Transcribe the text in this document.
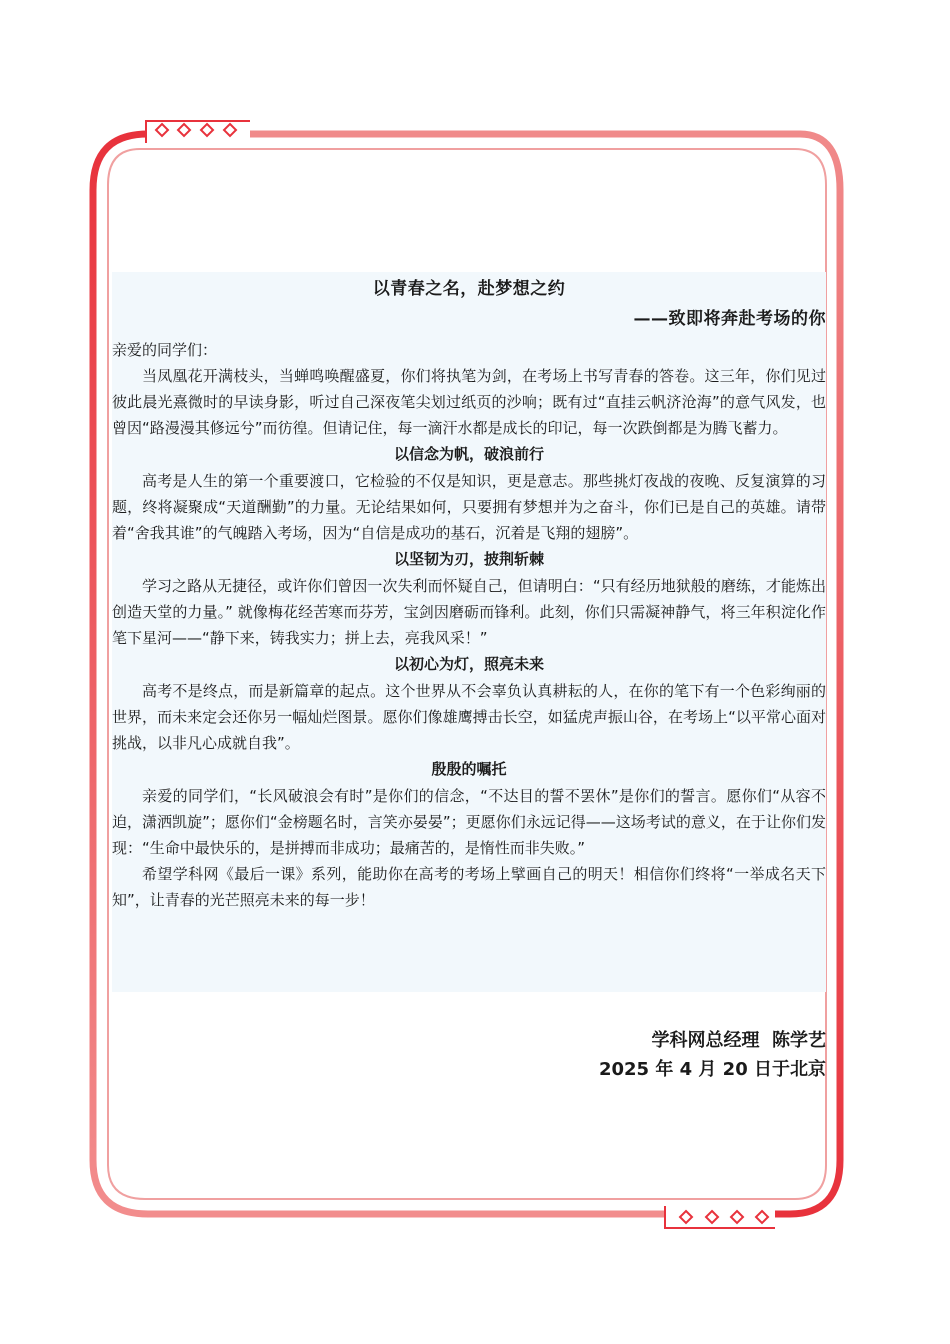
以青春之名，赴梦想之约
——致即将奔赴考场的你
亲爱的同学们：

当凤凰花开满枝头，当蝉鸣唤醒盛夏，你们将执笔为剑，在考场上书写青春的答卷。这三年，你们见过彼此晨光熹微时的早读身影，听过自己深夜笔尖划过纸页的沙响；既有过“直挂云帆济沧海”的意气风发，也曾因“路漫漫其修远兮”而彷徨。但请记住，每一滴汗水都是成长的印记，每一次跌倒都是为腾飞蓄力。

以信念为帆，破浪前行

高考是人生的第一个重要渡口，它检验的不仅是知识，更是意志。那些挑灯夜战的夜晚、反复演算的习题，终将凝聚成“天道酬勤”的力量。无论结果如何，只要拥有梦想并为之奋斗，你们已是自己的英雄。请带着“舍我其谁”的气魄踏入考场，因为“自信是成功的基石，沉着是飞翔的翅膀”。

以坚韧为刃，披荆斩棘

学习之路从无捷径，或许你们曾因一次失利而怀疑自己，但请明白：“只有经历地狱般的磨练，才能炼出创造天堂的力量。” 就像梅花经苦寒而芬芳，宝剑因磨砺而锋利。此刻，你们只需凝神静气，将三年积淀化作笔下星河——“静下来，铸我实力；拼上去，亮我风采！”

以初心为灯，照亮未来

高考不是终点，而是新篇章的起点。这个世界从不会辜负认真耕耘的人，在你的笔下有一个色彩绚丽的世界，而未来定会还你另一幅灿烂图景。愿你们像雄鹰搏击长空，如猛虎声振山谷，在考场上“以平常心面对挑战，以非凡心成就自我”。

殷殷的嘱托

亲爱的同学们，“长风破浪会有时”是你们的信念，“不达目的誓不罢休”是你们的誓言。愿你们“从容不迫，潇洒凯旋”；愿你们“金榜题名时，言笑亦晏晏”；更愿你们永远记得——这场考试的意义，在于让你们发现：“生命中最快乐的，是拼搏而非成功；最痛苦的，是惰性而非失败。”

希望学科网《最后一课》系列，能助你在高考的考场上擘画自己的明天！相信你们终将“一举成名天下知”，让青春的光芒照亮未来的每一步！

学科网总经理  陈学艺
2025 年 4 月 20 日于北京
